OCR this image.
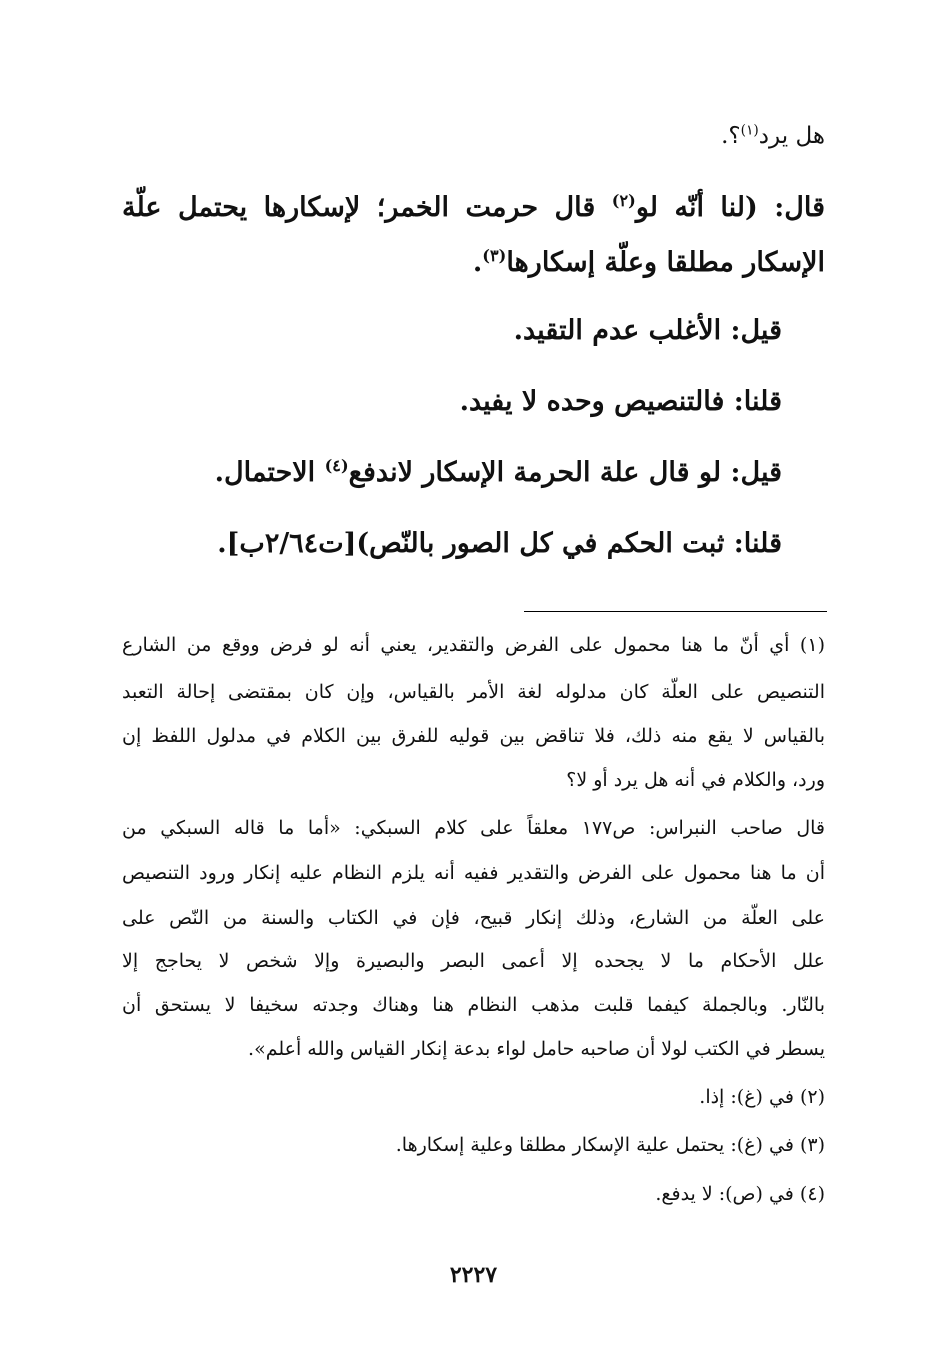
هل يرد$^{(١)}$؟.

قال: (لنا أنّه لو$^{(٢)}$ قال حرمت الخمر؛ لإسكارها يحتمل علّة

الإسكار مطلقا وعلّة إسكارها$^{(٣)}$.

قيل: الأغلب عدم التقيد.

قلنا: فالتنصيص وحده لا يفيد.

قيل: لو قال علة الحرمة الإسكار لاندفع$^{(٤)}$ الاحتمال.

قلنا: ثبت الحكم في كل الصور بالنّص)[ت٢/٦٤ب].

(١) أي أنّ ما هنا محمول على الفرض والتقدير، يعني أنه لو فرض ووقع من الشارع

التنصيص على العلّة كان مدلوله لغة الأمر بالقياس، وإن كان بمقتضى إحالة التعبد

بالقياس لا يقع منه ذلك، فلا تناقض بين قوليه للفرق بين الكلام في مدلول اللفظ إن

ورد، والكلام في أنه هل يرد أو لا؟

قال صاحب النبراس: ص١٧٧ معلقاً على كلام السبكي: «أما ما قاله السبكي من

أن ما هنا محمول على الفرض والتقدير ففيه أنه يلزم النظام عليه إنكار ورود التنصيص

على العلّة من الشارع، وذلك إنكار قبيح، فإن في الكتاب والسنة من النّص على

علل الأحكام ما لا يجحده إلا أعمى البصر والبصيرة وإلا شخص لا يحاجج إلا

بالنّار. وبالجملة كيفما قلبت مذهب النظام هنا وهناك وجدته سخيفا لا يستحق أن

يسطر في الكتب لولا أن صاحبه حامل لواء بدعة إنكار القياس والله أعلم».

(٢) في (غ): إذا.

(٣) في (غ): يحتمل علية الإسكار مطلقا وعلية إسكارها.

(٤) في (ص): لا يدفع.

٢٢٢٧
